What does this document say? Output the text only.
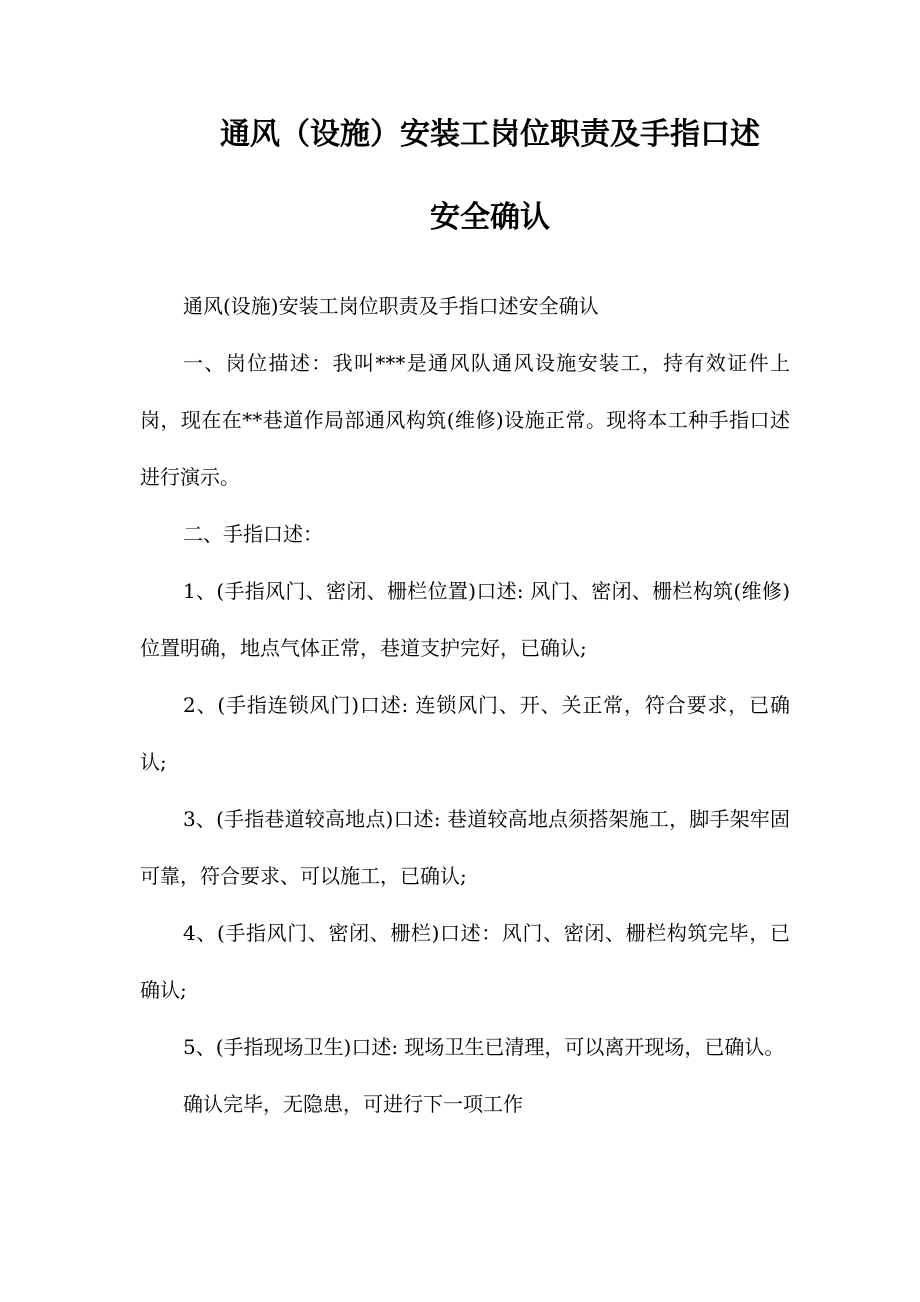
通风（设施）安装工岗位职责及手指口述
安全确认

通风(设施)安装工岗位职责及手指口述安全确认

一、岗位描述：我叫***是通风队通风设施安装工，持有效证件上岗，现在在**巷道作局部通风构筑(维修)设施正常。现将本工种手指口述进行演示。

二、手指口述：

1、(手指风门、密闭、栅栏位置)口述: 风门、密闭、栅栏构筑(维修)位置明确，地点气体正常，巷道支护完好，已确认;

2、(手指连锁风门)口述: 连锁风门、开、关正常，符合要求，已确认;

3、(手指巷道较高地点)口述: 巷道较高地点须搭架施工，脚手架牢固可靠，符合要求、可以施工，已确认;

4、(手指风门、密闭、栅栏)口述：风门、密闭、栅栏构筑完毕，已确认;

5、(手指现场卫生)口述: 现场卫生已清理，可以离开现场，已确认。

确认完毕，无隐患，可进行下一项工作
